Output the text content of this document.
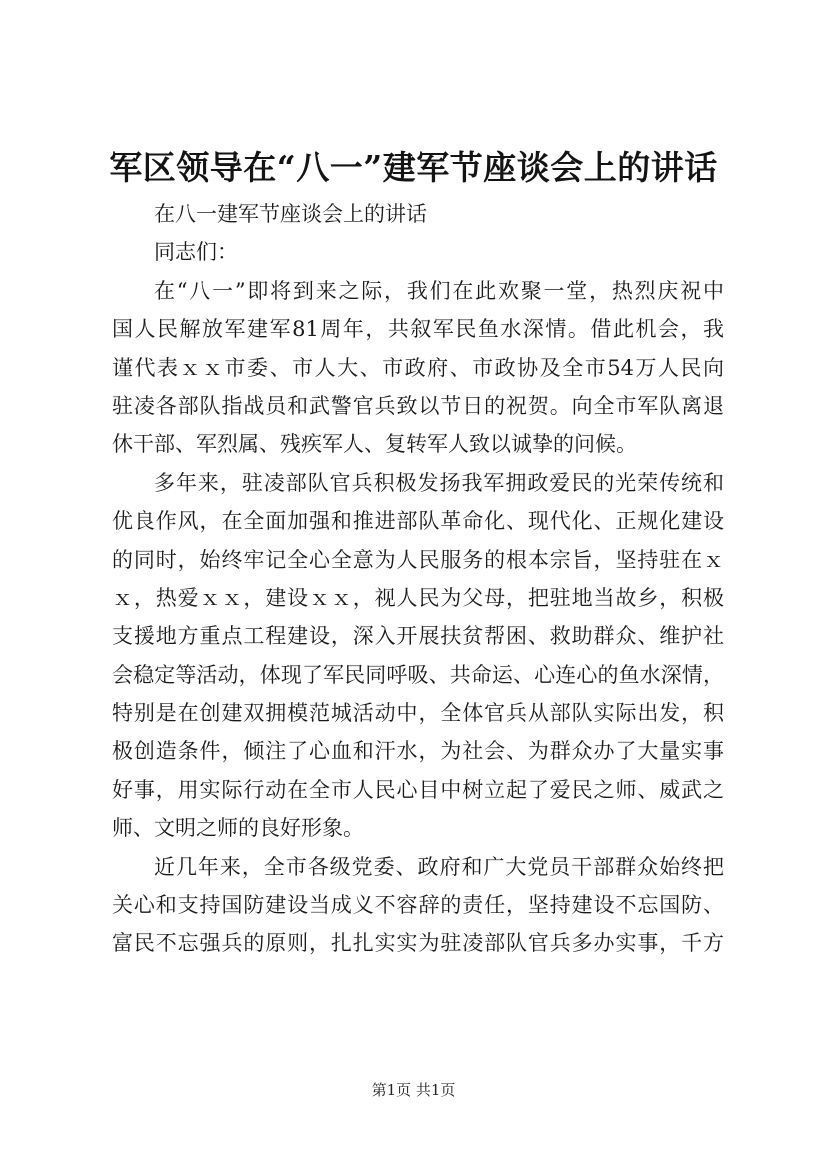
军区领导在“八一”建军节座谈会上的讲话
在八一建军节座谈会上的讲话
同志们：
在“八一”即将到来之际，我们在此欢聚一堂，热烈庆祝中
国人民解放军建军81周年，共叙军民鱼水深情。借此机会，我
谨代表ｘｘ市委、市人大、市政府、市政协及全市54万人民向
驻凌各部队指战员和武警官兵致以节日的祝贺。向全市军队离退
休干部、军烈属、残疾军人、复转军人致以诚挚的问候。
多年来，驻凌部队官兵积极发扬我军拥政爱民的光荣传统和
优良作风，在全面加强和推进部队革命化、现代化、正规化建设
的同时，始终牢记全心全意为人民服务的根本宗旨，坚持驻在ｘ
ｘ，热爱ｘｘ，建设ｘｘ，视人民为父母，把驻地当故乡，积极
支援地方重点工程建设，深入开展扶贫帮困、救助群众、维护社
会稳定等活动，体现了军民同呼吸、共命运、心连心的鱼水深情，
特别是在创建双拥模范城活动中，全体官兵从部队实际出发，积
极创造条件，倾注了心血和汗水，为社会、为群众办了大量实事
好事，用实际行动在全市人民心目中树立起了爱民之师、威武之
师、文明之师的良好形象。
近几年来，全市各级党委、政府和广大党员干部群众始终把
关心和支持国防建设当成义不容辞的责任，坚持建设不忘国防、
富民不忘强兵的原则，扎扎实实为驻凌部队官兵多办实事，千方
第1页 共1页
